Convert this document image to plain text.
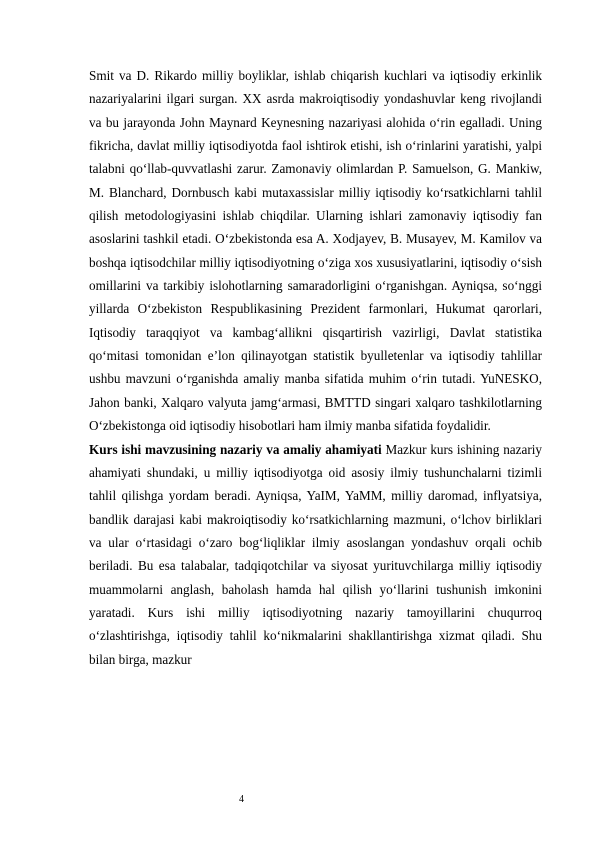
Smit va D. Rikardo milliy boyliklar, ishlab chiqarish kuchlari va iqtisodiy erkinlik nazariyalarini ilgari surgan. XX asrda makroiqtisodiy yondashuvlar keng rivojlandi va bu jarayonda John Maynard Keynesning nazariyasi alohida o‘rin egalladi. Uning fikricha, davlat milliy iqtisodiyotda faol ishtirok etishi, ish o‘rinlarini yaratishi, yalpi talabni qo‘llab-quvvatlashi zarur. Zamonaviy olimlardan P. Samuelson, G. Mankiw, M. Blanchard, Dornbusch kabi mutaxassislar milliy iqtisodiy ko‘rsatkichlarni tahlil qilish metodologiyasini ishlab chiqdilar. Ularning ishlari zamonaviy iqtisodiy fan asoslarini tashkil etadi. O‘zbekistonda esa A. Xodjayev, B. Musayev, M. Kamilov va boshqa iqtisodchilar milliy iqtisodiyotning o‘ziga xos xususiyatlarini, iqtisodiy o‘sish omillarini va tarkibiy islohotlarning samaradorligini o‘rganishgan. Ayniqsa, so‘nggi yillarda O‘zbekiston Respublikasining Prezident farmonlari, Hukumat qarorlari, Iqtisodiy taraqqiyot va kambag‘allikni qisqartirish vazirligi, Davlat statistika qo‘mitasi tomonidan e’lon qilinayotgan statistik byulletenlar va iqtisodiy tahlillar ushbu mavzuni o‘rganishda amaliy manba sifatida muhim o‘rin tutadi. YuNESKO, Jahon banki, Xalqaro valyuta jamg‘armasi, BMTTD singari xalqaro tashkilotlarning O‘zbekistonga oid iqtisodiy hisobotlari ham ilmiy manba sifatida foydalidir.

Kurs ishi mavzusining nazariy va amaliy ahamiyati Mazkur kurs ishining nazariy ahamiyati shundaki, u milliy iqtisodiyotga oid asosiy ilmiy tushunchalarni tizimli tahlil qilishga yordam beradi. Ayniqsa, YaIM, YaMM, milliy daromad, inflyatsiya, bandlik darajasi kabi makroiqtisodiy ko‘rsatkichlarning mazmuni, o‘lchov birliklari va ular o‘rtasidagi o‘zaro bog‘liqliklar ilmiy asoslangan yondashuv orqali ochib beriladi. Bu esa talabalar, tadqiqotchilar va siyosat yurituvchilarga milliy iqtisodiy muammolarni anglash, baholash hamda hal qilish yo‘llarini tushunish imkonini yaratadi. Kurs ishi milliy iqtisodiyotning nazariy tamoyillarini chuqurroq o‘zlashtirishga, iqtisodiy tahlil ko‘nikmalarini shakllantirishga xizmat qiladi. Shu bilan birga, mazkur

4
